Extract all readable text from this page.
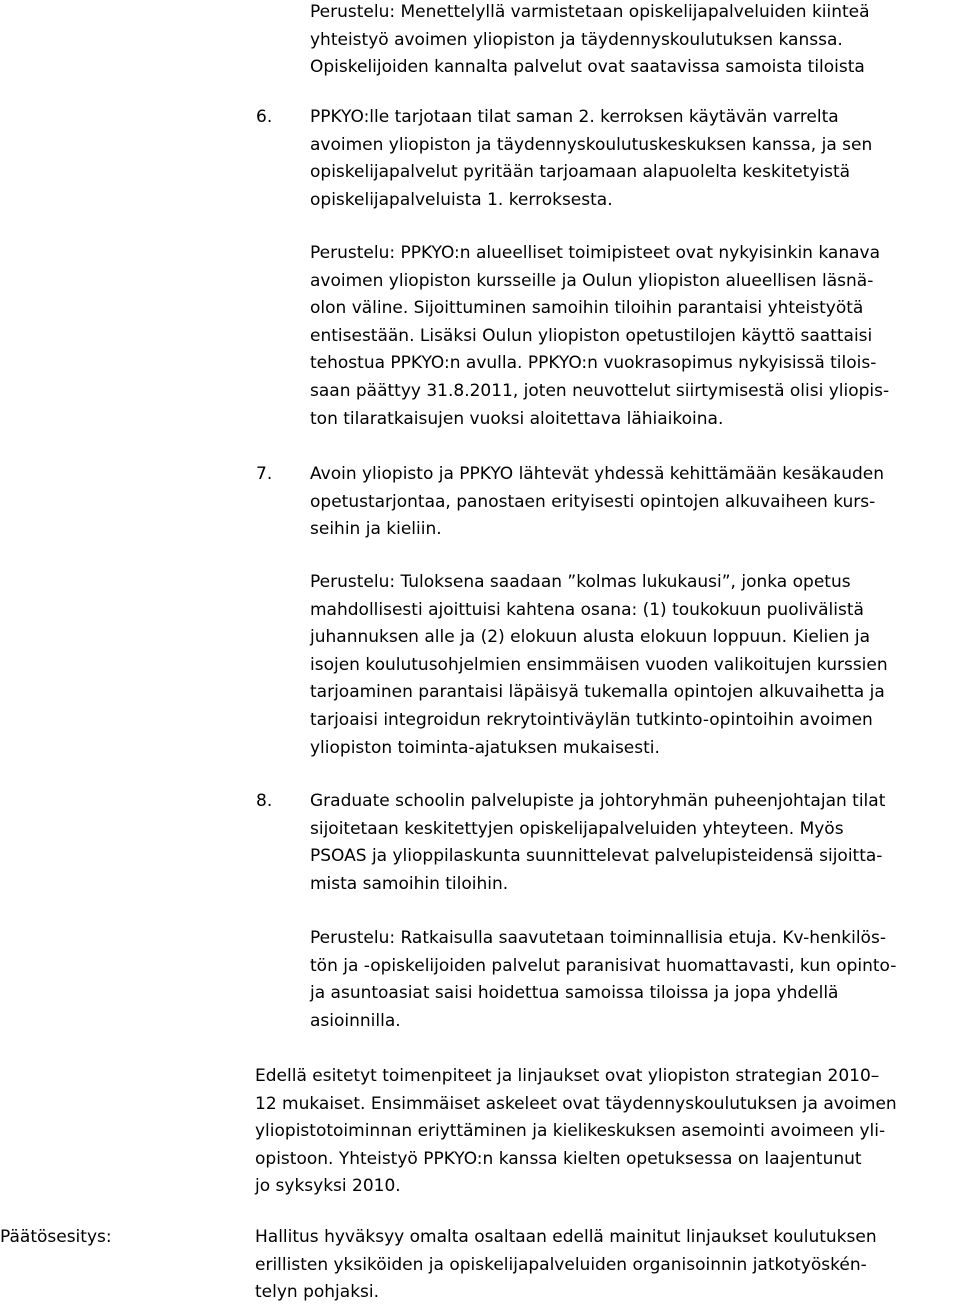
Perustelu: Menettelyllä varmistetaan opiskelijapalveluiden kiinteä
yhteistyö avoimen yliopiston ja täydennyskoulutuksen kanssa.
Opiskelijoiden kannalta palvelut ovat saatavissa samoista tiloista

6. PPKYO:lle tarjotaan tilat saman 2. kerroksen käytävän varrelta
avoimen yliopiston ja täydennyskoulutuskeskuksen kanssa, ja sen
opiskelijapalvelut pyritään tarjoamaan alapuolelta keskitetyistä
opiskelijapalveluista 1. kerroksesta.

Perustelu: PPKYO:n alueelliset toimipisteet ovat nykyisinkin kanava
avoimen yliopiston kursseille ja Oulun yliopiston alueellisen läsnä-
olon väline. Sijoittuminen samoihin tiloihin parantaisi yhteistyötä
entisestään. Lisäksi Oulun yliopiston opetustilojen käyttö saattaisi
tehostua PPKYO:n avulla. PPKYO:n vuokrasopimus nykyisissä tilois-
saan päättyy 31.8.2011, joten neuvottelut siirtymisestä olisi yliopis-
ton tilaratkaisujen vuoksi aloitettava lähiaikoina.

7. Avoin yliopisto ja PPKYO lähtevät yhdessä kehittämään kesäkauden
opetustarjontaa, panostaen erityisesti opintojen alkuvaiheen kurs-
seihin ja kieliin.

Perustelu: Tuloksena saadaan ”kolmas lukukausi”, jonka opetus
mahdollisesti ajoittuisi kahtena osana: (1) toukokuun puolivälistä
juhannuksen alle ja (2) elokuun alusta elokuun loppuun. Kielien ja
isojen koulutusohjelmien ensimmäisen vuoden valikoitujen kurssien
tarjoaminen parantaisi läpäisyä tukemalla opintojen alkuvaihetta ja
tarjoaisi integroidun rekrytointiväylän tutkinto-opintoihin avoimen
yliopiston toiminta-ajatuksen mukaisesti.

8. Graduate schoolin palvelupiste ja johtoryhmän puheenjohtajan tilat
sijoitetaan keskitettyjen opiskelijapalveluiden yhteyteen. Myös
PSOAS ja ylioppilaskunta suunnittelevat palvelupisteidensä sijoitta-
mista samoihin tiloihin.

Perustelu: Ratkaisulla saavutetaan toiminnallisia etuja. Kv-henkilös-
tön ja -opiskelijoiden palvelut paranisivat huomattavasti, kun opinto-
ja asuntoasiat saisi hoidettua samoissa tiloissa ja jopa yhdellä
asioinnilla.

Edellä esitetyt toimenpiteet ja linjaukset ovat yliopiston strategian 2010–
12 mukaiset. Ensimmäiset askeleet ovat täydennyskoulutuksen ja avoimen
yliopistotoiminnan eriyttäminen ja kielikeskuksen asemointi avoimeen yli-
opistoon. Yhteistyö PPKYO:n kanssa kielten opetuksessa on laajentunut
jo syksyksi 2010.

Päätösesitys:	Hallitus hyväksyy omalta osaltaan edellä mainitut linjaukset koulutuksen
erillisten yksiköiden ja opiskelijapalveluiden organisoinnin jatkotyöskén-
telyn pohjaksi.
